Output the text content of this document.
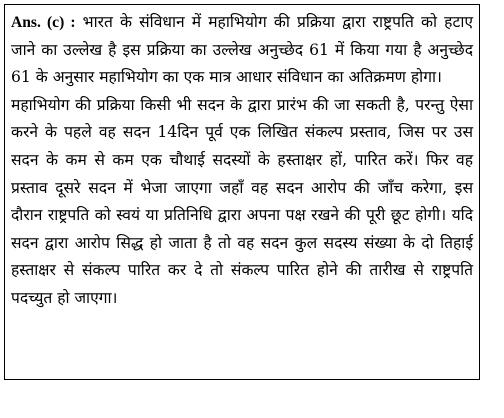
Ans. (c) : भारत के संविधान में महाभियोग की प्रक्रिया द्वारा राष्ट्रपति को हटाए जाने का उल्लेख है इस प्रक्रिया का उल्लेख अनुच्छेद 61 में किया गया है अनुच्छेद 61 के अनुसार महाभियोग का एक मात्र आधार संविधान का अतिक्रमण होगा।

महाभियोग की प्रक्रिया किसी भी सदन के द्वारा प्रारंभ की जा सकती है, परन्तु ऐसा करने के पहले वह सदन 14दिन पूर्व एक लिखित संकल्प प्रस्ताव, जिस पर उस सदन के कम से कम एक चौथाई सदस्यों के हस्ताक्षर हों, पारित करें। फिर वह प्रस्ताव दूसरे सदन में भेजा जाएगा जहाँ वह सदन आरोप की जाँच करेगा, इस दौरान राष्ट्रपति को स्वयं या प्रतिनिधि द्वारा अपना पक्ष रखने की पूरी छूट होगी। यदि सदन द्वारा आरोप सिद्ध हो जाता है तो वह सदन कुल सदस्य संख्या के दो तिहाई हस्ताक्षर से संकल्प पारित कर दे तो संकल्प पारित होने की तारीख से राष्ट्रपति पदच्युत हो जाएगा।
